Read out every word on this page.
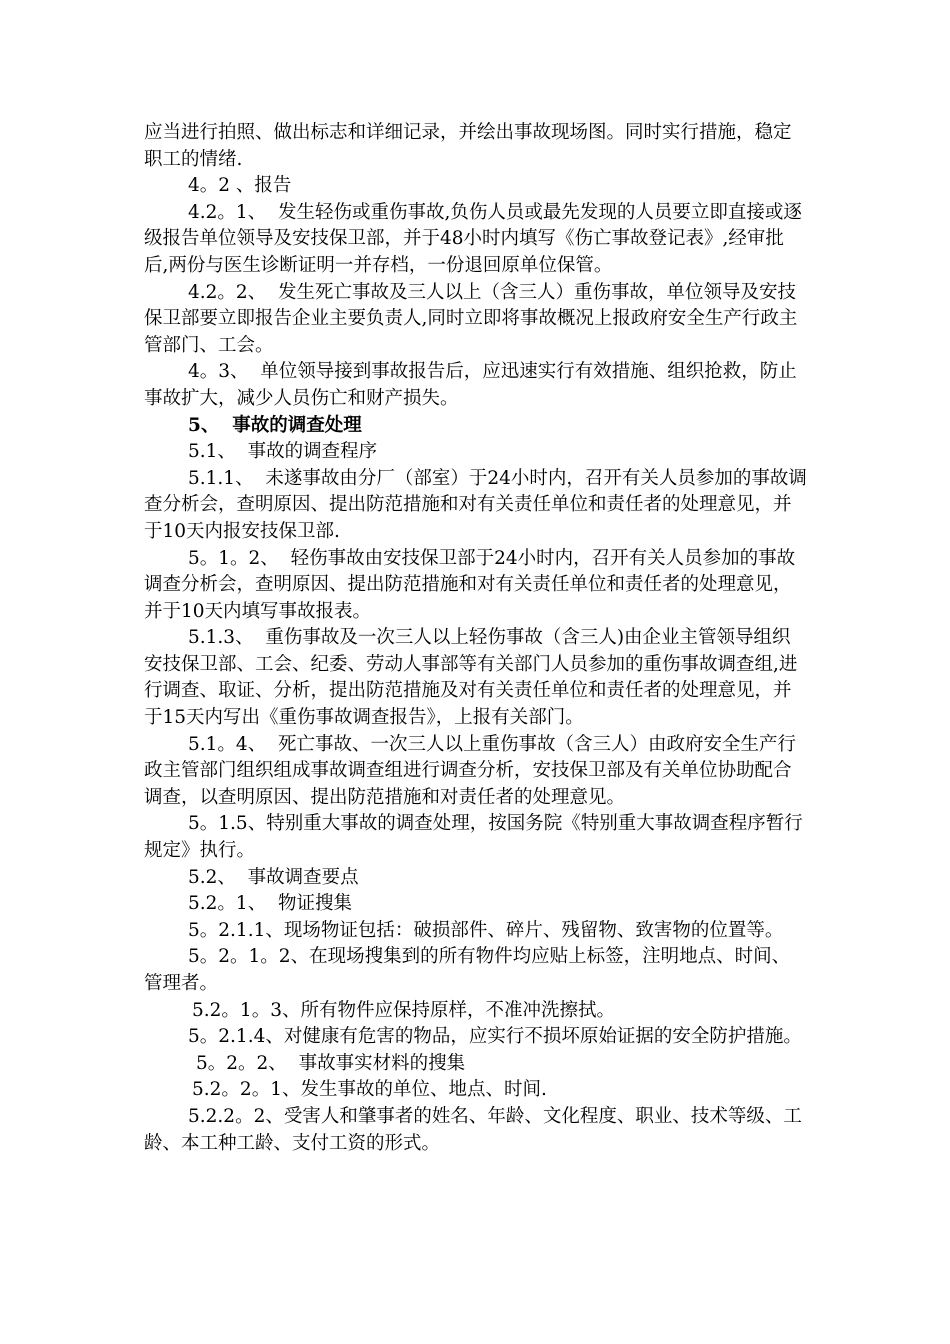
应当进行拍照、做出标志和详细记录，并绘出事故现场图。同时实行措施，稳定职工的情绪.

4。2 、报告

4.2。1、  发生轻伤或重伤事故,负伤人员或最先发现的人员要立即直接或逐级报告单位领导及安技保卫部，并于48小时内填写《伤亡事故登记表》,经审批后,两份与医生诊断证明一并存档，一份退回原单位保管。

4.2。2、  发生死亡事故及三人以上（含三人）重伤事故，单位领导及安技保卫部要立即报告企业主要负责人,同时立即将事故概况上报政府安全生产行政主管部门、工会。

4。3、  单位领导接到事故报告后，应迅速实行有效措施、组织抢救，防止事故扩大，减少人员伤亡和财产损失。

5、  事故的调查处理

5.1、  事故的调查程序

5.1.1、  未遂事故由分厂（部室）于24小时内，召开有关人员参加的事故调查分析会，查明原因、提出防范措施和对有关责任单位和责任者的处理意见，并于10天内报安技保卫部.

5。1。2、  轻伤事故由安技保卫部于24小时内，召开有关人员参加的事故调查分析会，查明原因、提出防范措施和对有关责任单位和责任者的处理意见，并于10天内填写事故报表。

5.1.3、  重伤事故及一次三人以上轻伤事故（含三人)由企业主管领导组织安技保卫部、工会、纪委、劳动人事部等有关部门人员参加的重伤事故调查组,进行调查、取证、分析，提出防范措施及对有关责任单位和责任者的处理意见，并于15天内写出《重伤事故调查报告》，上报有关部门。

5.1。4、  死亡事故、一次三人以上重伤事故（含三人）由政府安全生产行政主管部门组织组成事故调查组进行调查分析，安技保卫部及有关单位协助配合调查，以查明原因、提出防范措施和对责任者的处理意见。

5。1.5、特别重大事故的调查处理，按国务院《特别重大事故调查程序暂行规定》执行。

5.2、  事故调查要点

5.2。1、  物证搜集

5。2.1.1、现场物证包括：破损部件、碎片、残留物、致害物的位置等。

5。2。1。2、在现场搜集到的所有物件均应贴上标签，注明地点、时间、管理者。

5.2。1。3、所有物件应保持原样，不准冲洗擦拭。

5。2.1.4、对健康有危害的物品，应实行不损坏原始证据的安全防护措施。

5。2。2、  事故事实材料的搜集

5.2。2。1、发生事故的单位、地点、时间.

5.2.2。2、受害人和肇事者的姓名、年龄、文化程度、职业、技术等级、工龄、本工种工龄、支付工资的形式。
